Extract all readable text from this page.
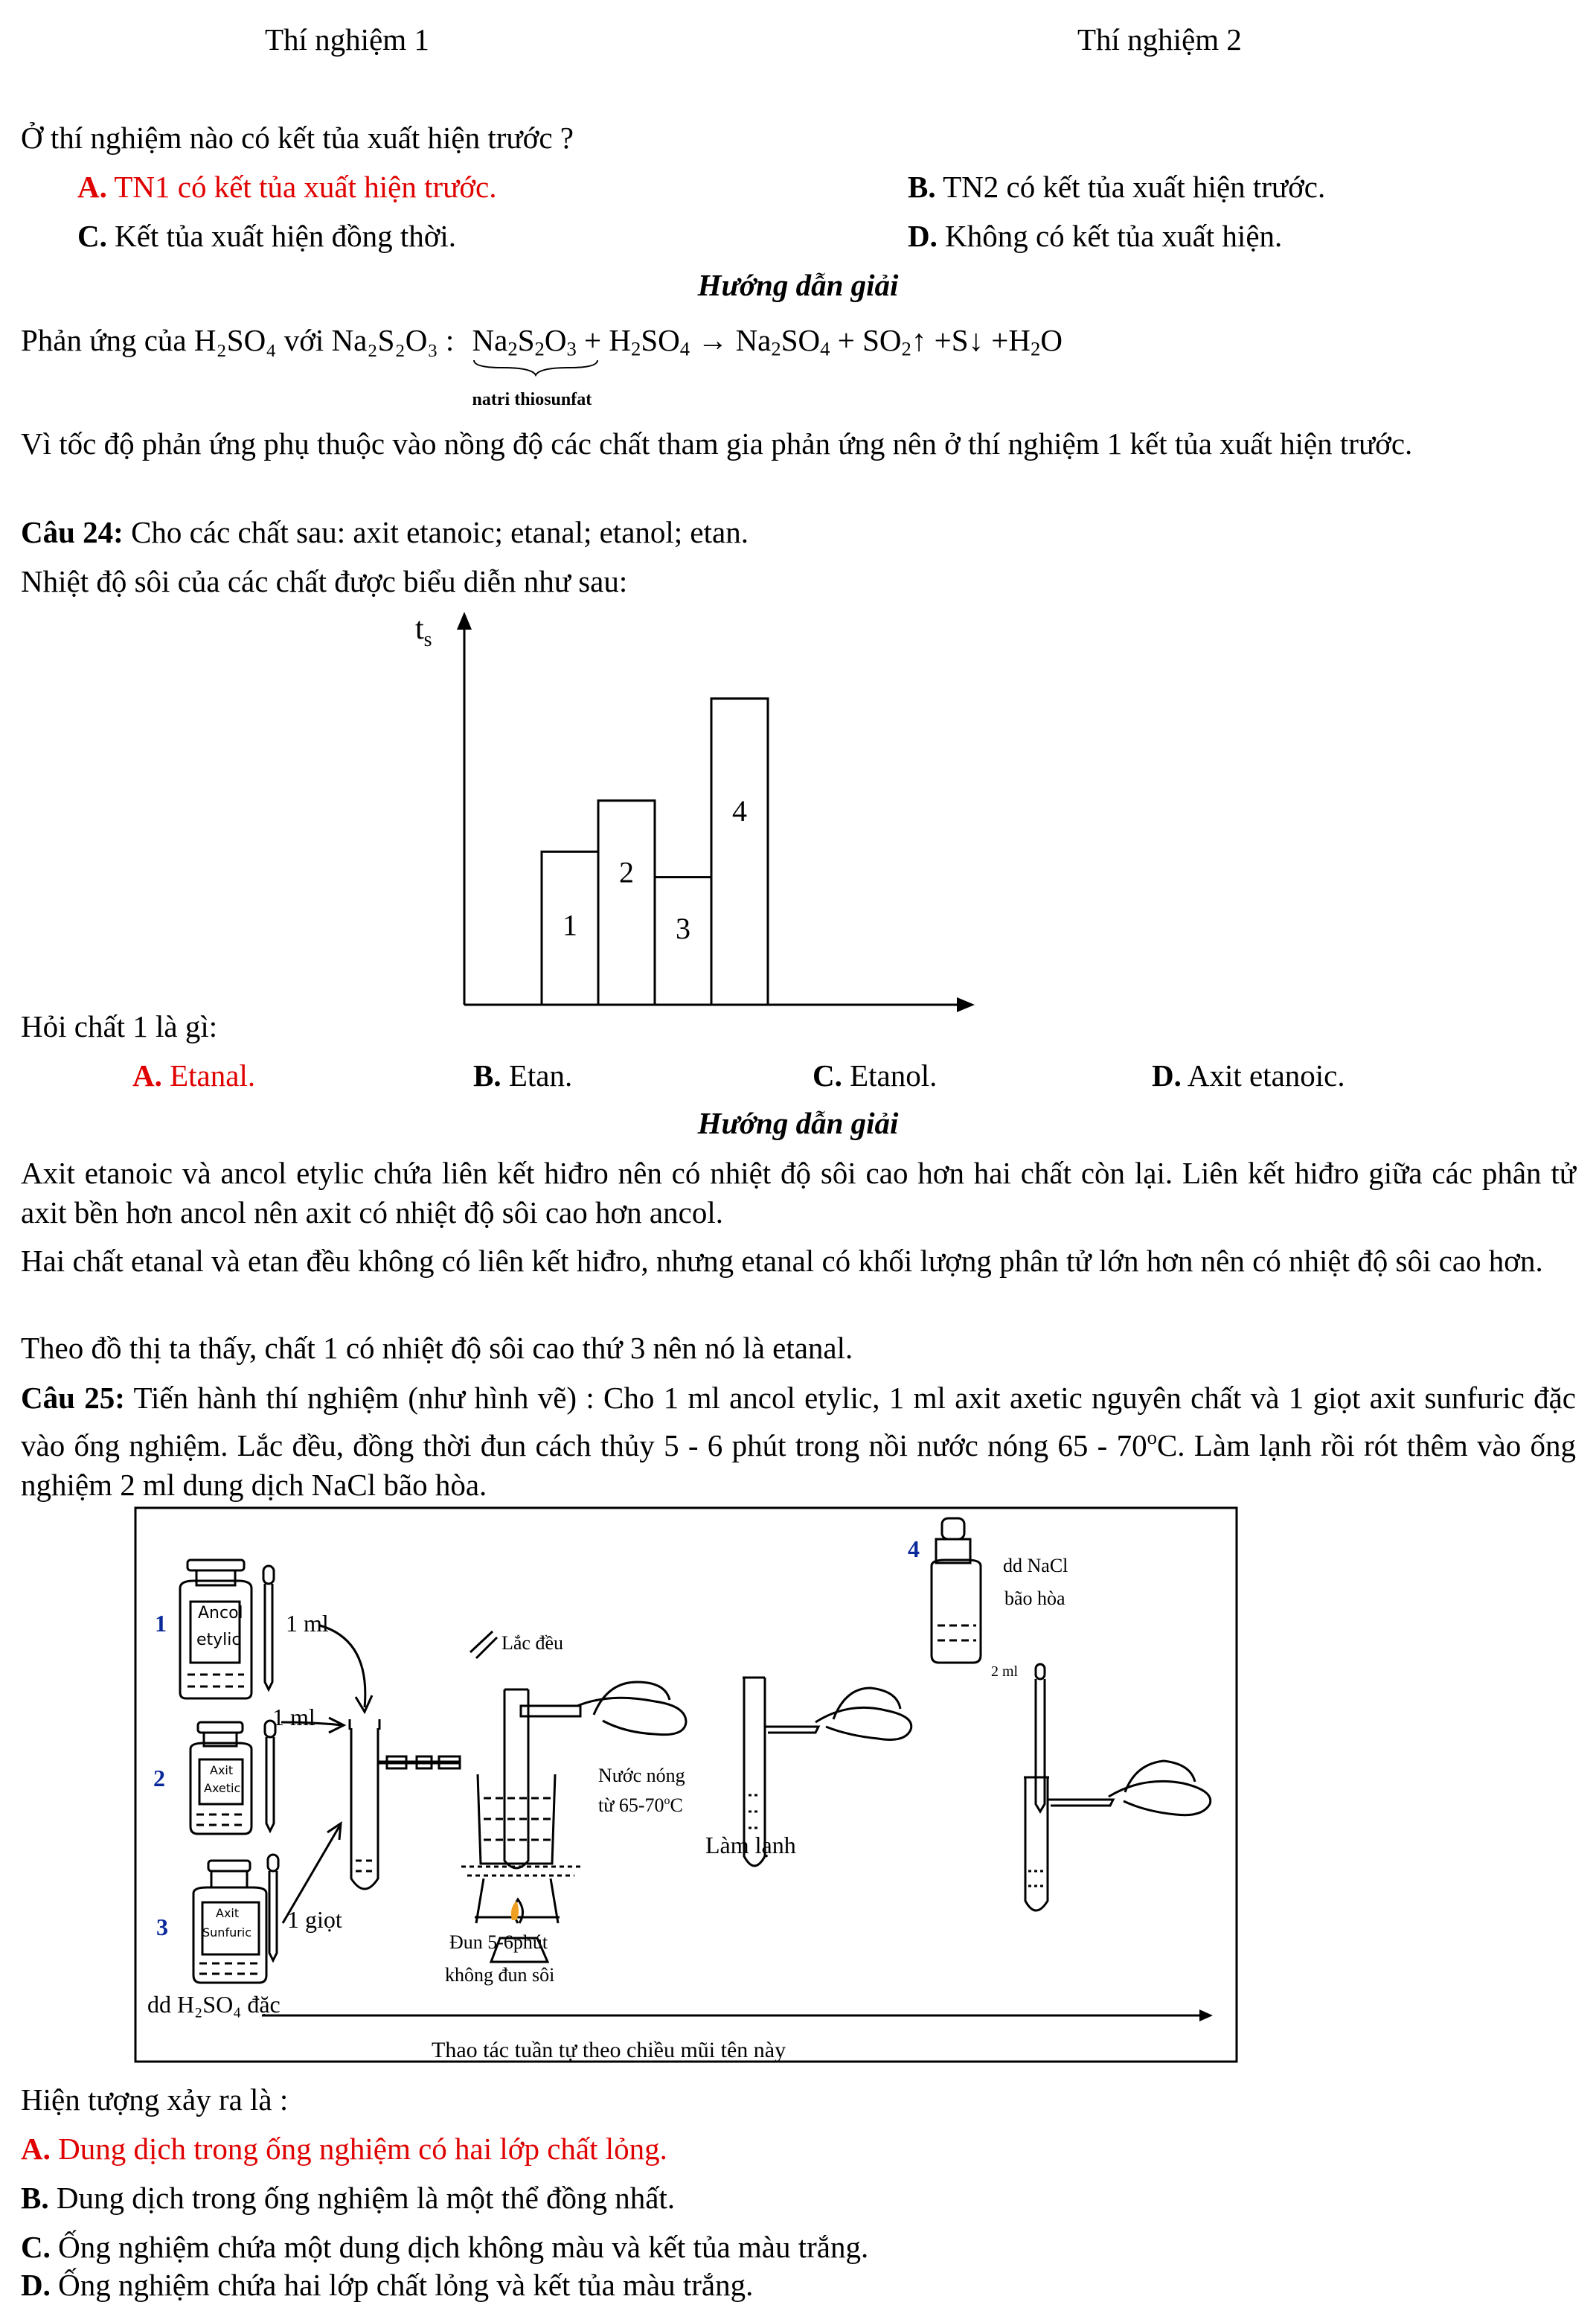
Thí nghiệm 1	Thí nghiệm 2
Ở thí nghiệm nào có kết tủa xuất hiện trước ?
A. TN1 có kết tủa xuất hiện trước.	B. TN2 có kết tủa xuất hiện trước.
C. Kết tủa xuất hiện đồng thời.	D. Không có kết tủa xuất hiện.
Hướng dẫn giải
Phản ứng của H₂SO₄ với Na₂S₂O₃ : $Na_2S_2O_3$
natri thiosunfat
+ $H_2SO_4 \to Na_2SO_4$ + $SO_2↑$ +S↓ $+H_2O$
Vì tốc độ phản ứng phụ thuộc vào nồng độ các chất tham gia phản ứng nên ở thí nghiệm 1 kết tủa xuất hiện trước.
Câu 24: Cho các chất sau: axit etanoic; etanal; etanol; etan.
Nhiệt độ sôi của các chất được biểu diễn như sau:
1
2
3
4
$t_s$
Hỏi chất 1 là gì:
A. Etanal.	B. Etan.	C. Etanol.	D. Axit etanoic.
Hướng dẫn giải
Axit etanoic và ancol etylic chứa liên kết hiđro nên có nhiệt độ sôi cao hơn hai chất còn lại. Liên kết hiđro giữa các phân tử axit bền hơn ancol nên axit có nhiệt độ sôi cao hơn ancol.
Hai chất etanal và etan đều không có liên kết hiđro, nhưng etanal có khối lượng phân tử lớn hơn nên có nhiệt độ sôi cao hơn.
Theo đồ thị ta thấy, chất 1 có nhiệt độ sôi cao thứ 3 nên nó là etanal.
Câu 25: Tiến hành thí nghiệm (như hình vẽ) : Cho 1 ml ancol etylic, 1 ml axit axetic nguyên chất và 1 giọt axit sunfuric đặc vào ống nghiệm. Lắc đều, đồng thời đun cách thủy 5 - 6 phút trong nồi nước nóng 65 - 70$^o$C. Làm lạnh rồi rót thêm vào ống nghiệm 2 ml dung dịch NaCl bão hòa.
1
2
3
4
Ancol
etylic
Axit
Axetic
Axit
Sunfuric
1 ml
1 ml
1 giọt
Làm lạnh
dd H₂SO₄ đặc
Thao tác tuần tự theo chiều mũi tên này
Lắc đều
Nước nóng
từ 65-70$^o$C
Đun 5-6phút
không đun sôi
dd NaCl
bão hòa
2 ml
Hiện tượng xảy ra là :
A. Dung dịch trong ống nghiệm có hai lớp chất lỏng.
B. Dung dịch trong ống nghiệm là một thể đồng nhất.
C. Ống nghiệm chứa một dung dịch không màu và kết tủa màu trắng.
D. Ống nghiệm chứa hai lớp chất lỏng và kết tủa màu trắng.
